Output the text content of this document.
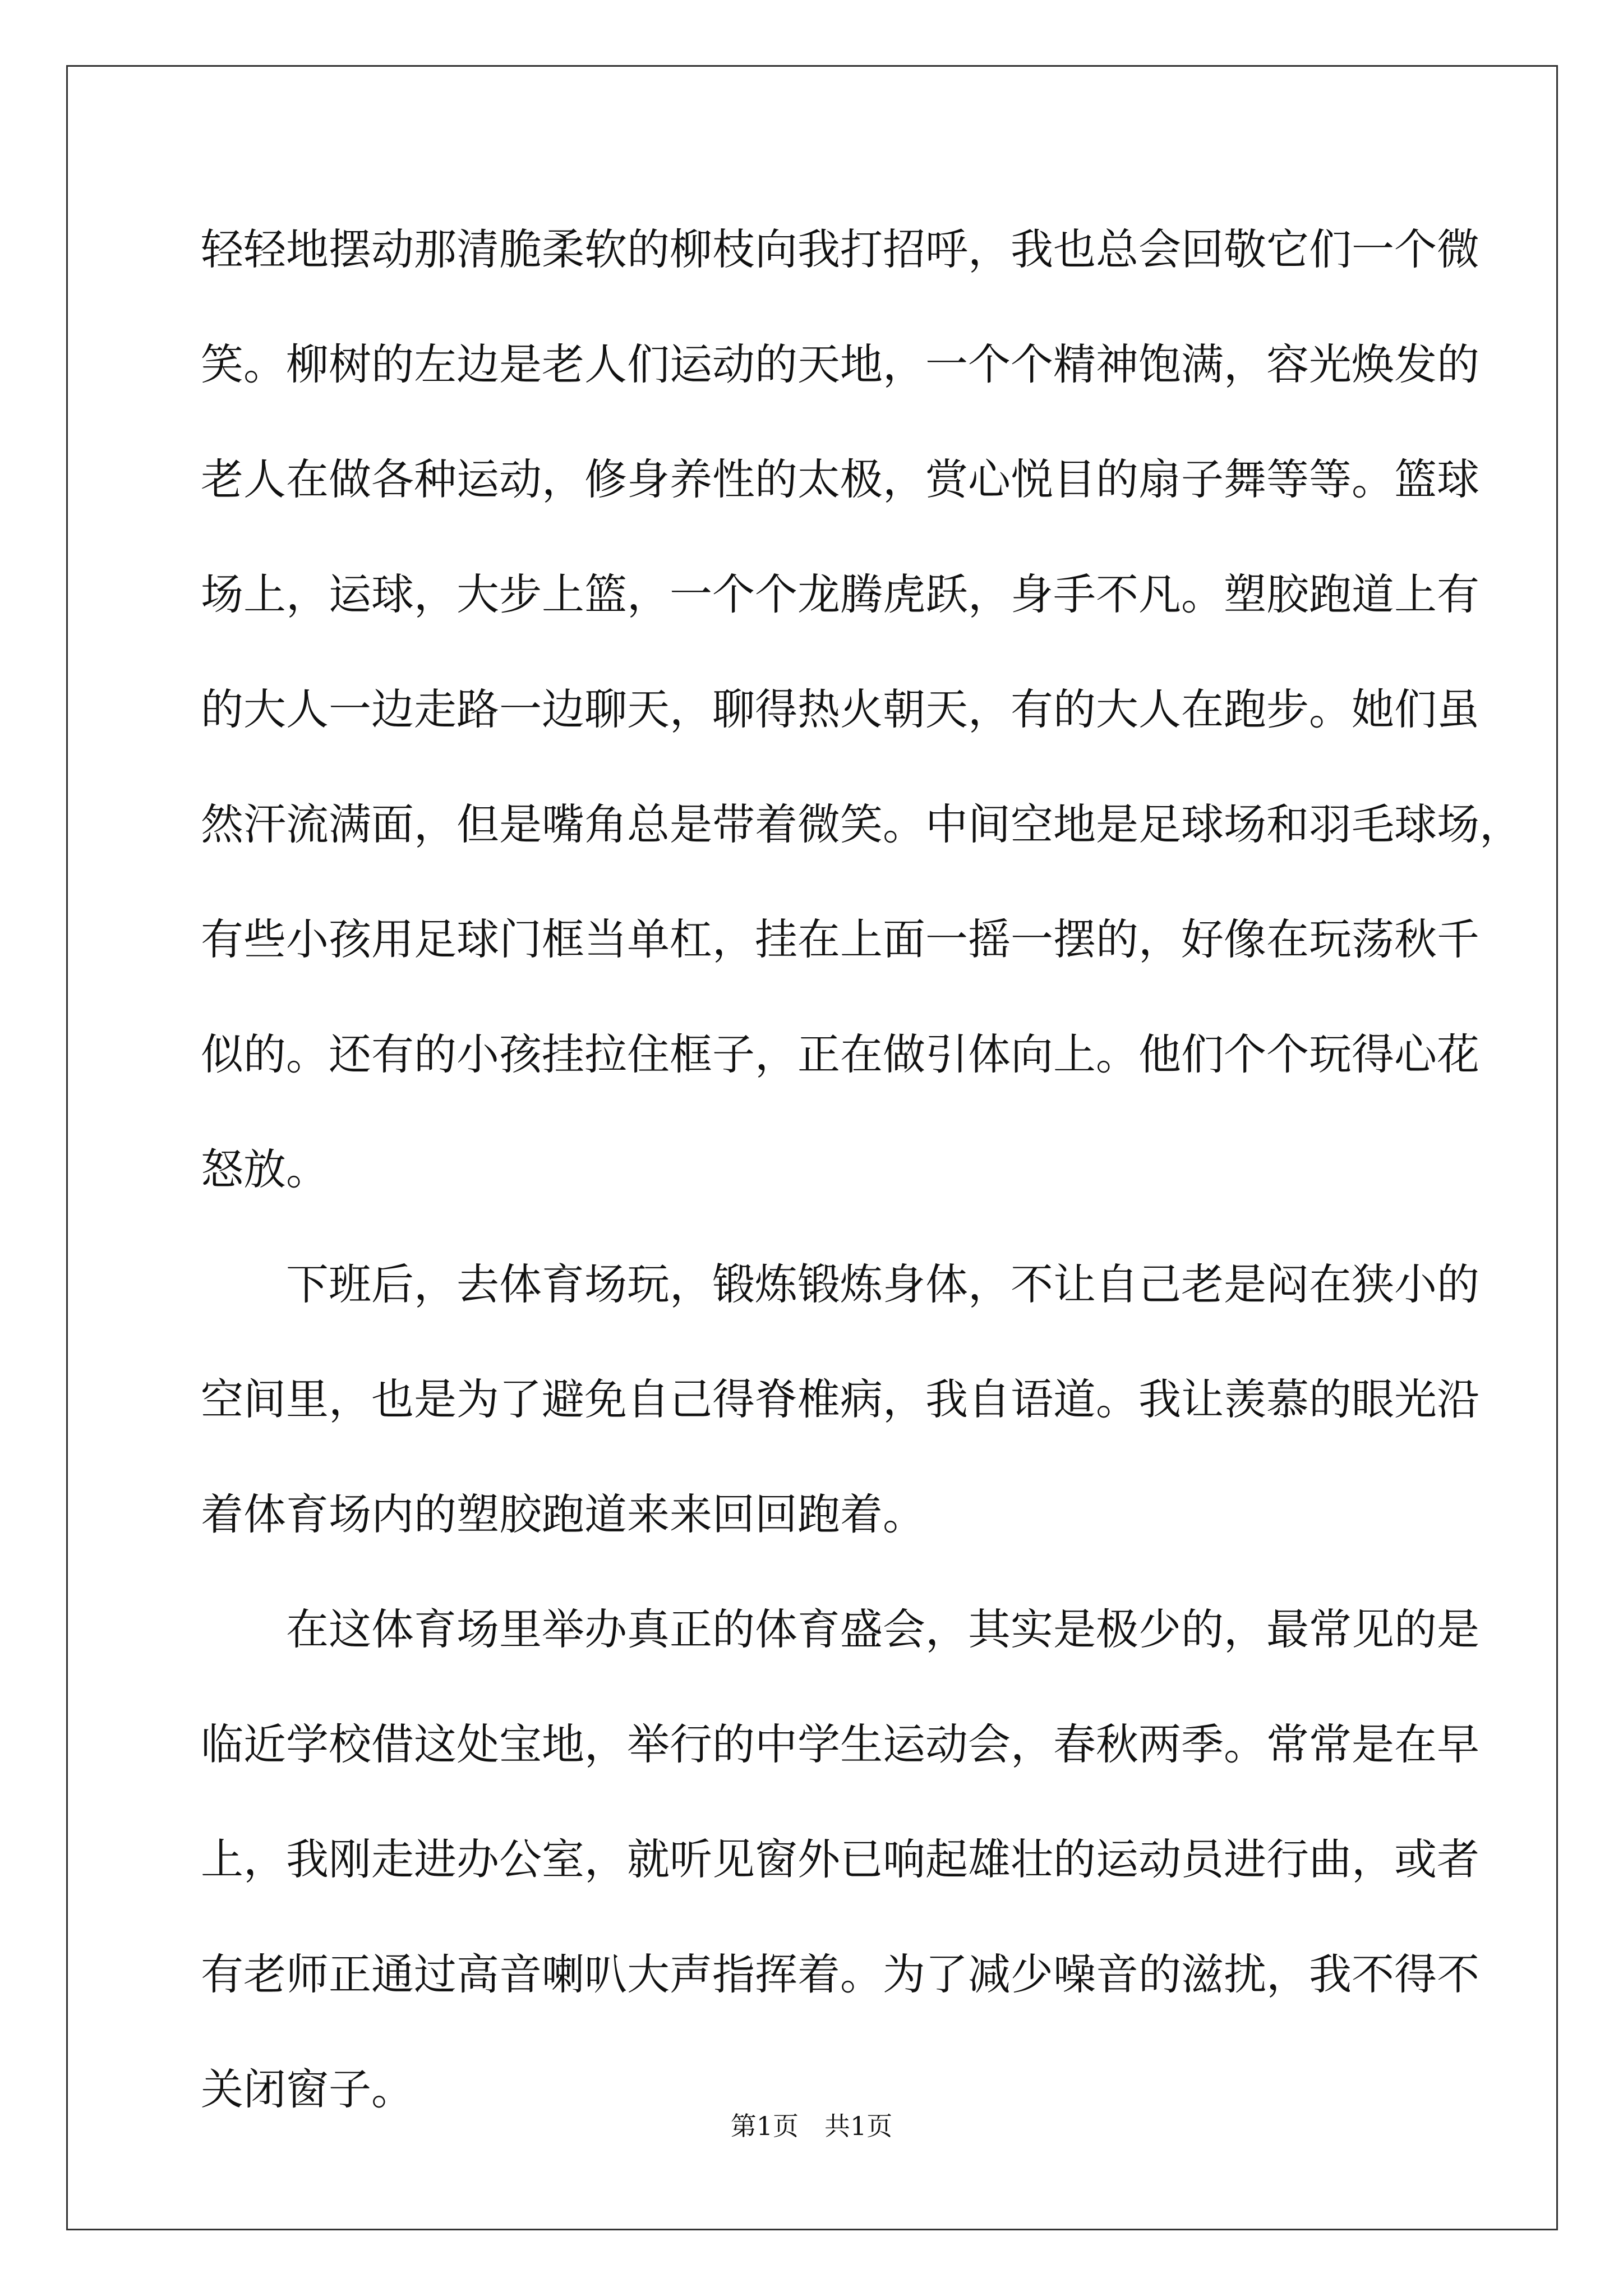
轻轻地摆动那清脆柔软的柳枝向我打招呼，我也总会回敬它们一个微
笑。柳树的左边是老人们运动的天地，一个个精神饱满，容光焕发的
老人在做各种运动，修身养性的太极，赏心悦目的扇子舞等等。篮球
场上，运球，大步上篮，一个个龙腾虎跃，身手不凡。塑胶跑道上有
的大人一边走路一边聊天，聊得热火朝天，有的大人在跑步。她们虽
然汗流满面，但是嘴角总是带着微笑。中间空地是足球场和羽毛球场，
有些小孩用足球门框当单杠，挂在上面一摇一摆的，好像在玩荡秋千
似的。还有的小孩挂拉住框子，正在做引体向上。他们个个玩得心花
怒放。
下班后，去体育场玩，锻炼锻炼身体，不让自己老是闷在狭小的
空间里，也是为了避免自己得脊椎病，我自语道。我让羡慕的眼光沿
着体育场内的塑胶跑道来来回回跑着。
在这体育场里举办真正的体育盛会，其实是极少的，最常见的是
临近学校借这处宝地，举行的中学生运动会，春秋两季。常常是在早
上，我刚走进办公室，就听见窗外已响起雄壮的运动员进行曲，或者
有老师正通过高音喇叭大声指挥着。为了减少噪音的滋扰，我不得不
关闭窗子。
第1页 共1页
